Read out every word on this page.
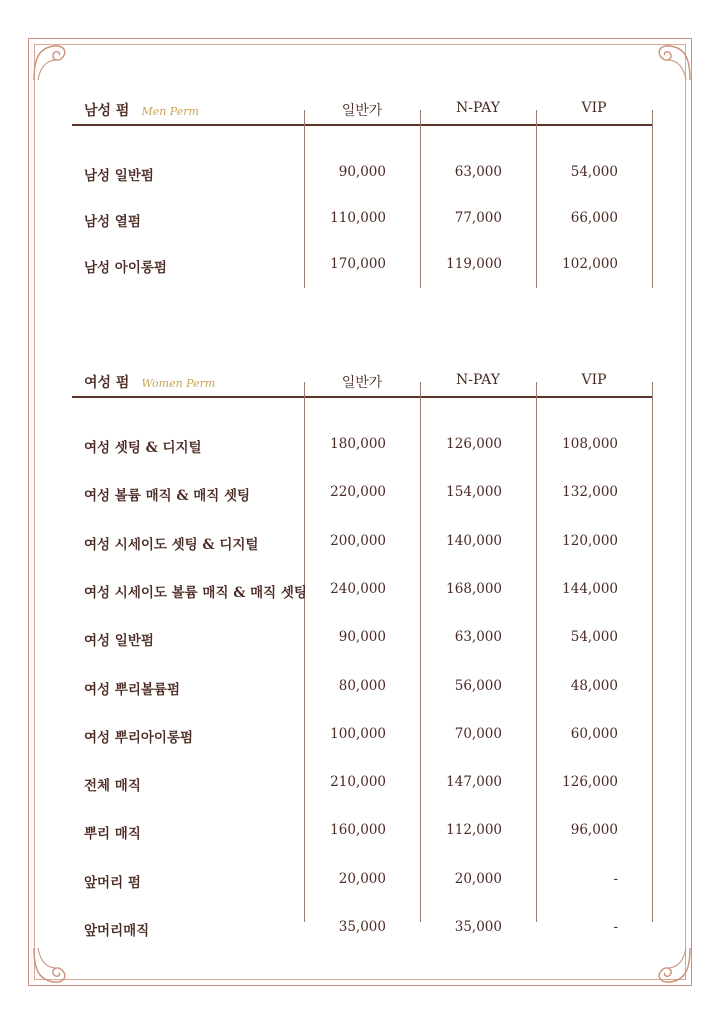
남성 펌 Men Perm	일반가	N-PAY	VIP
남성 일반펌	90,000	63,000	54,000
남성 열펌	110,000	77,000	66,000
남성 아이롱펌	170,000	119,000	102,000
여성 펌 Women Perm	일반가	N-PAY	VIP
여성 셋팅 & 디지털	180,000	126,000	108,000
여성 볼륨 매직 & 매직 셋팅	220,000	154,000	132,000
여성 시세이도 셋팅 & 디지털	200,000	140,000	120,000
여성 시세이도 볼륨 매직 & 매직 셋팅	240,000	168,000	144,000
여성 일반펌	90,000	63,000	54,000
여성 뿌리볼륨펌	80,000	56,000	48,000
여성 뿌리아이롱펌	100,000	70,000	60,000
전체 매직	210,000	147,000	126,000
뿌리 매직	160,000	112,000	96,000
앞머리 펌	20,000	20,000	-
앞머리매직	35,000	35,000	-
